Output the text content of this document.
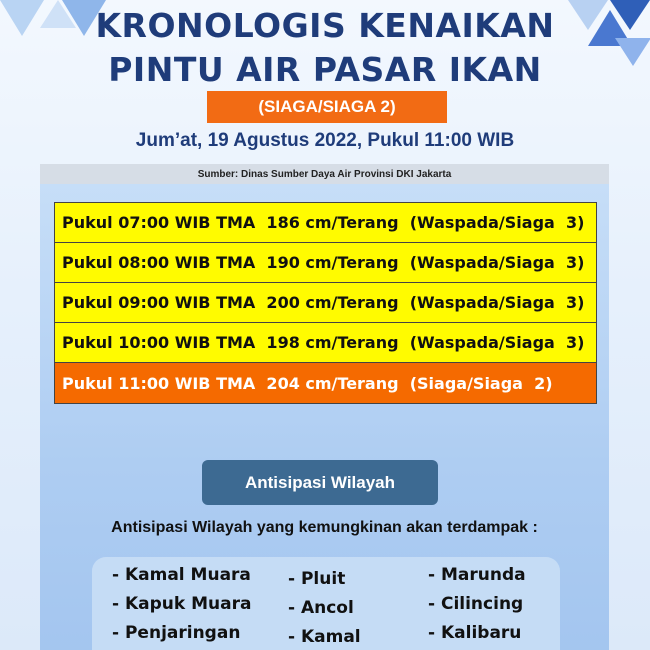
KRONOLOGIS KENAIKAN
PINTU AIR PASAR IKAN
(SIAGA/SIAGA 2)
Jum’at, 19 Agustus 2022, Pukul 11:00 WIB
Sumber: Dinas Sumber Daya Air Provinsi DKI Jakarta
Pukul 07:00 WIB TMA  186 cm/Terang  (Waspada/Siaga  3)
Pukul 08:00 WIB TMA  190 cm/Terang  (Waspada/Siaga  3)
Pukul 09:00 WIB TMA  200 cm/Terang  (Waspada/Siaga  3)
Pukul 10:00 WIB TMA  198 cm/Terang  (Waspada/Siaga  3)
Pukul 11:00 WIB TMA  204 cm/Terang  (Siaga/Siaga  2)
Antisipasi Wilayah
Antisipasi Wilayah yang kemungkinan akan terdampak :
- Kamal Muara
- Kapuk Muara
- Penjaringan
- Pluit
- Ancol
- Kamal
- Marunda
- Cilincing
- Kalibaru
